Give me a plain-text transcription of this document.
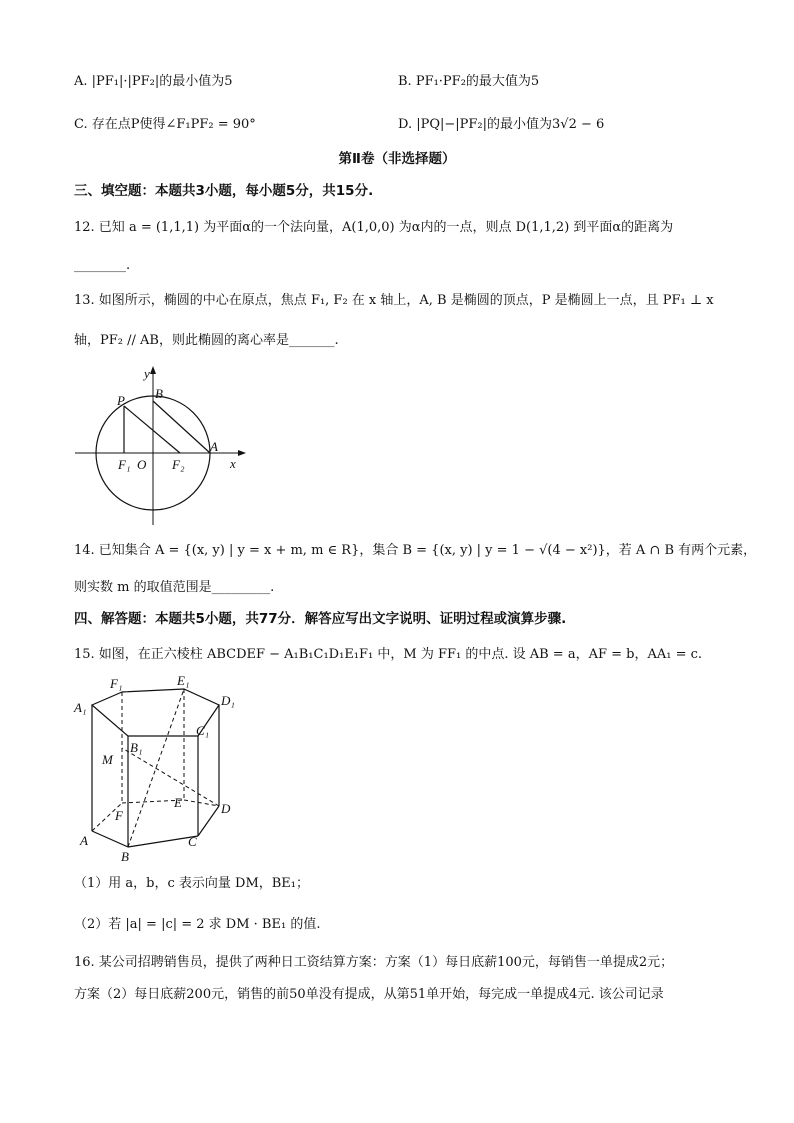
A. |PF₁|·|PF₂|的最小值为5	B. PF₁·PF₂的最大值为5
C. 存在点P使得∠F₁PF₂ = 90°	D. |PQ|−|PF₂|的最小值为3√2 − 6
第Ⅱ卷（非选择题）
三、填空题：本题共3小题，每小题5分，共15分.
12. 已知 a = (1,1,1) 为平面α的一个法向量，A(1,0,0) 为α内的一点，则点 D(1,1,2) 到平面α的距离为
________.
13. 如图所示，椭圆的中心在原点，焦点 F₁, F₂ 在 x 轴上，A, B 是椭圆的顶点，P 是椭圆上一点，且 PF₁ ⊥ x
轴，PF₂ // AB，则此椭圆的离心率是_______.
y
x
P B
A
F₁ O F₂
14. 已知集合 A = {(x, y) | y = x + m, m ∈ R}，集合 B = {(x, y) | y = 1 − √(4 − x²)}，若 A ∩ B 有两个元素，
则实数 m 的取值范围是_________.
四、解答题：本题共5小题，共77分．解答应写出文字说明、证明过程或演算步骤.
15. 如图，在正六棱柱 ABCDEF − A₁B₁C₁D₁E₁F₁ 中，M 为 FF₁ 的中点. 设 AB = a，AF = b，AA₁ = c.
F₁	E₁
D₁
A₁
B₁
C₁
M
E	D
F
A	C
B
（1）用 a，b，c 表示向量 DM，BE₁；
（2）若 |a| = |c| = 2 求 DM · BE₁ 的值.
16. 某公司招聘销售员，提供了两种日工资结算方案：方案（1）每日底薪100元，每销售一单提成2元；
方案（2）每日底薪200元，销售的前50单没有提成，从第51单开始，每完成一单提成4元. 该公司记录
